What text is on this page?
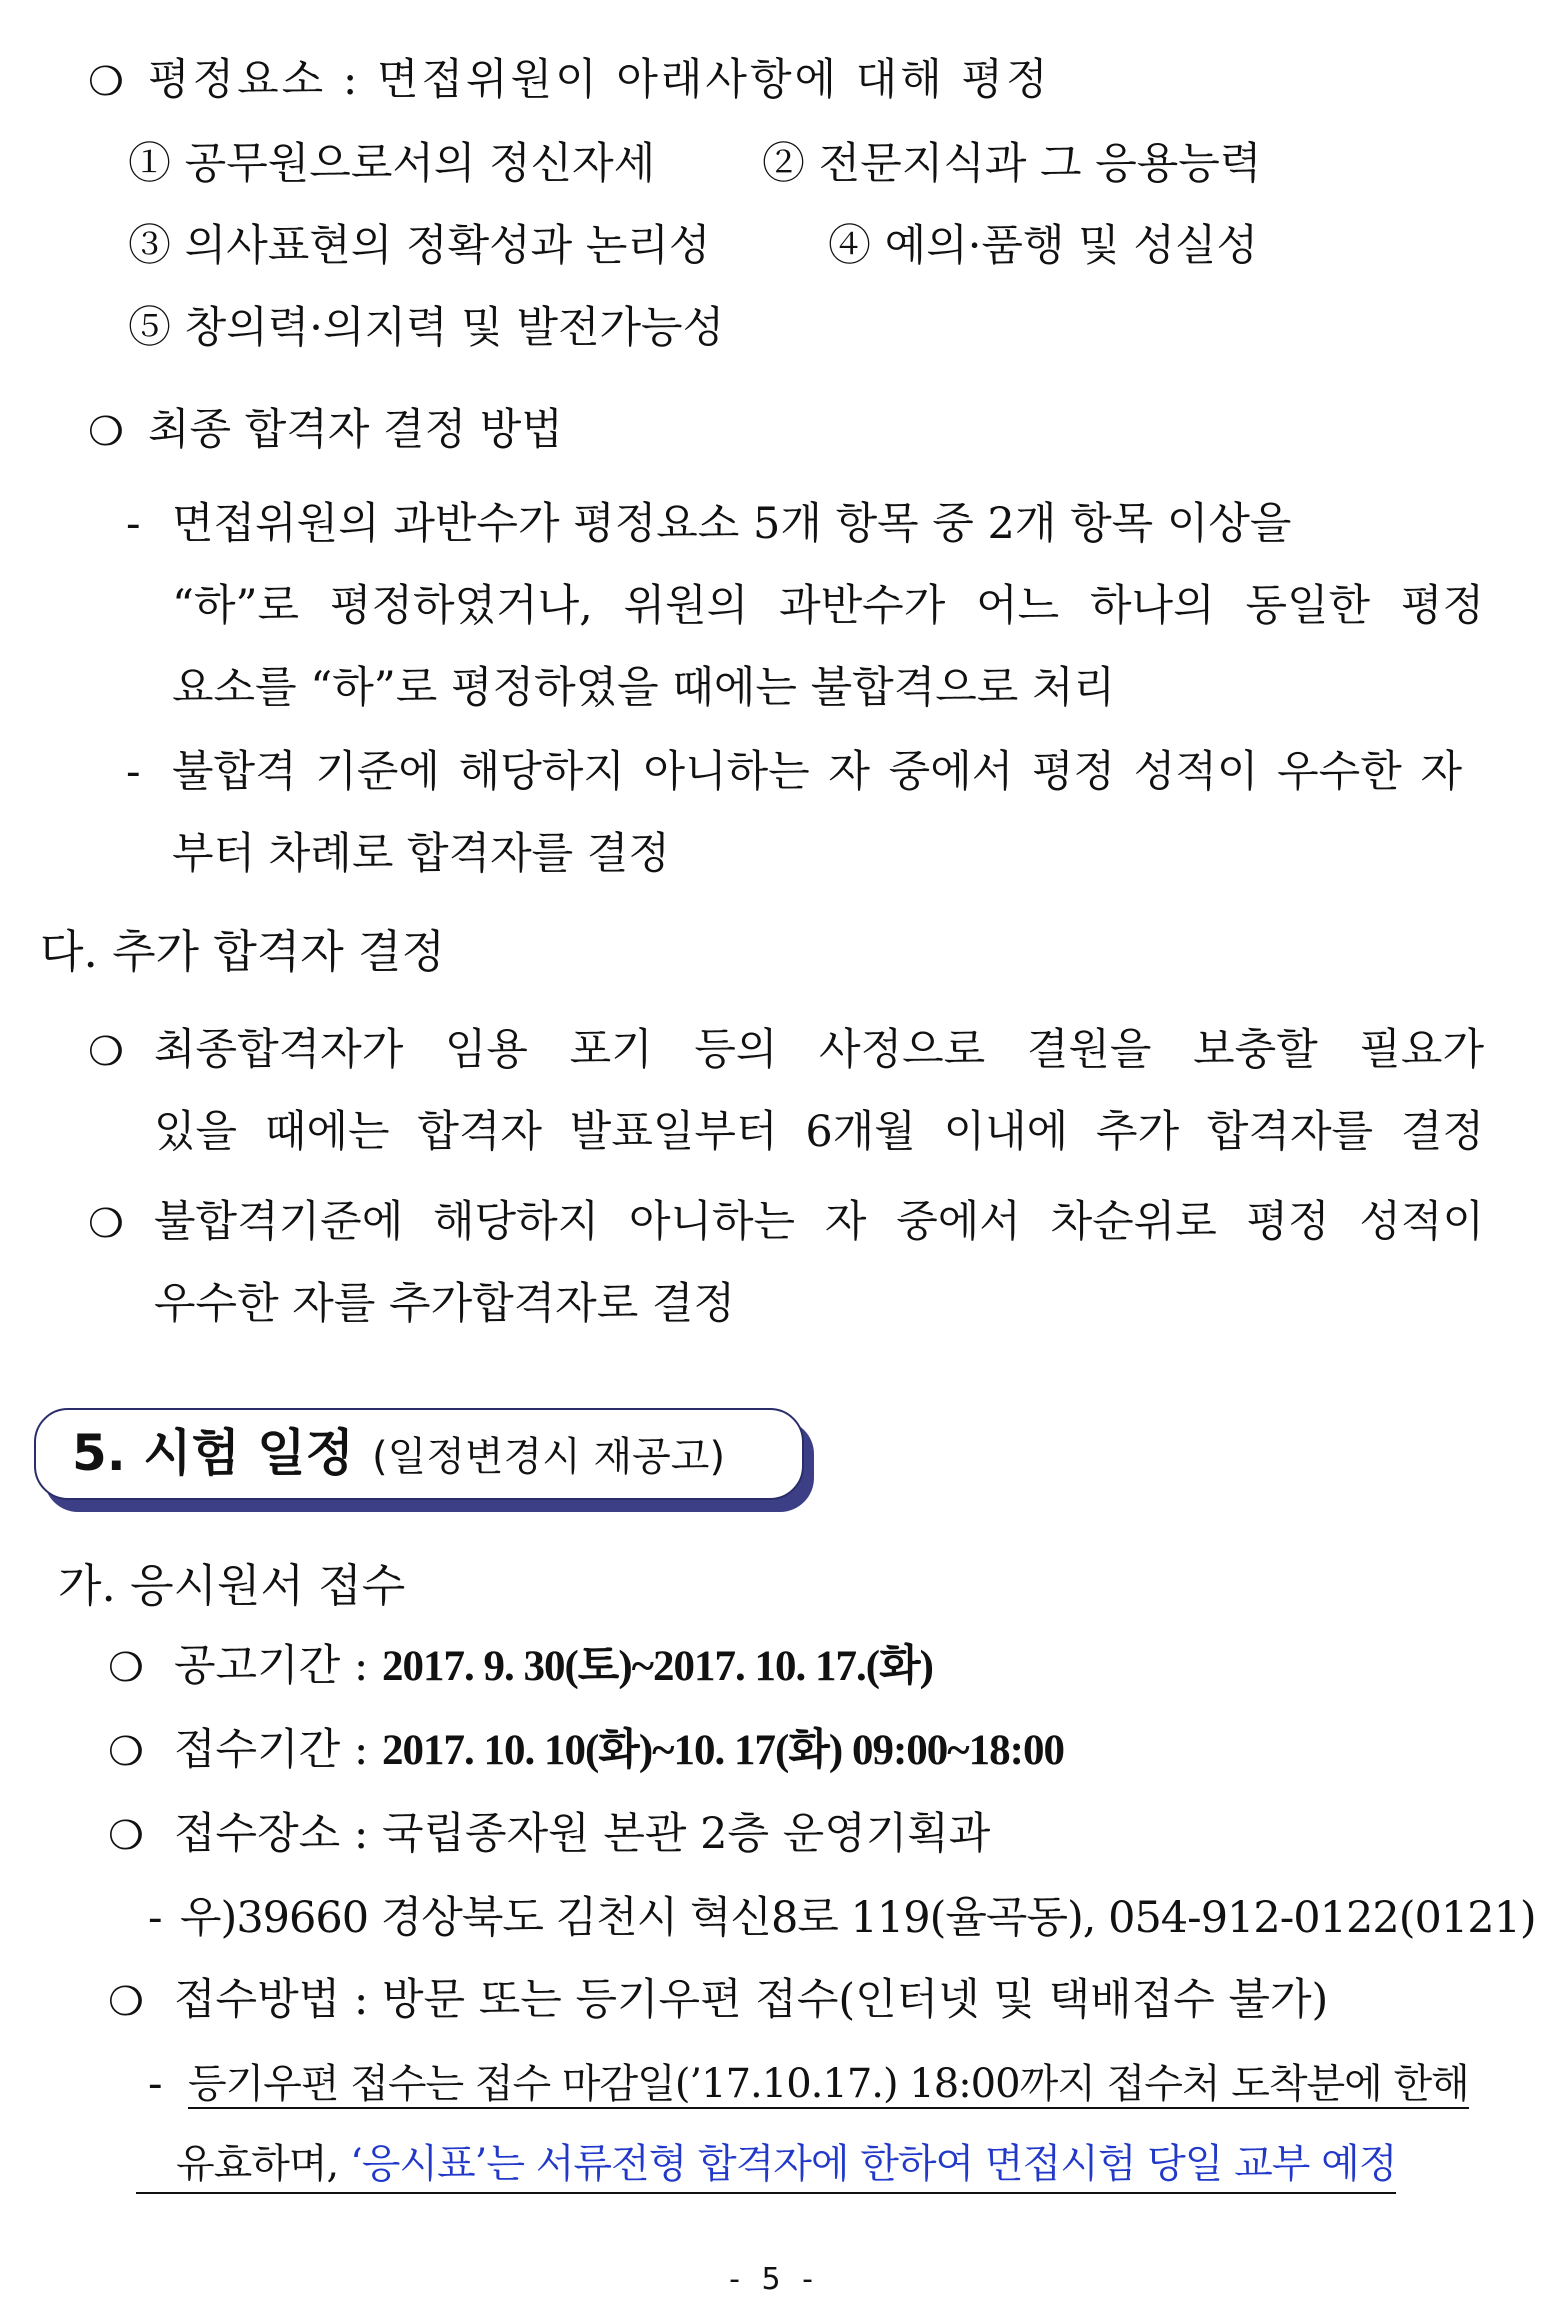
❍ 평정요소 : 면접위원이 아래사항에 대해 평정
① 공무원으로서의 정신자세 ② 전문지식과 그 응용능력
③ 의사표현의 정확성과 논리성	④ 예의·품행 및 성실성
⑤ 창의력·의지력 및 발전가능성
❍ 최종 합격자 결정 방법
- 면접위원의 과반수가 평정요소 5개 항목 중 2개 항목 이상을
“하”로 평정하였거나, 위원의 과반수가 어느 하나의 동일한 평정
요소를 “하”로 평정하였을 때에는 불합격으로 처리
- 불합격 기준에 해당하지 아니하는 자 중에서 평정 성적이 우수한 자
부터 차례로 합격자를 결정
다. 추가 합격자 결정
❍ 최종합격자가 임용 포기 등의 사정으로 결원을 보충할 필요가
있을 때에는 합격자 발표일부터 6개월 이내에 추가 합격자를 결정
❍ 불합격기준에 해당하지 아니하는 자 중에서 차순위로 평정 성적이
우수한 자를 추가합격자로 결정
5. 시험 일정 (일정변경시 재공고)
가. 응시원서 접수
❍ 공고기간 : 2017. 9. 30(토)~2017. 10. 17.(화)
❍ 접수기간 : 2017. 10. 10(화)~10. 17(화) 09:00~18:00
❍ 접수장소 : 국립종자원 본관 2층 운영기획과
- 우)39660 경상북도 김천시 혁신8로 119(율곡동), 054-912-0122(0121)
❍ 접수방법 : 방문 또는 등기우편 접수(인터넷 및 택배접수 불가)
- 등기우편 접수는 접수 마감일(’17.10.17.) 18:00까지 접수처 도착분에 한해
유효하며, ‘응시표’는 서류전형 합격자에 한하여 면접시험 당일 교부 예정
- 5 -
